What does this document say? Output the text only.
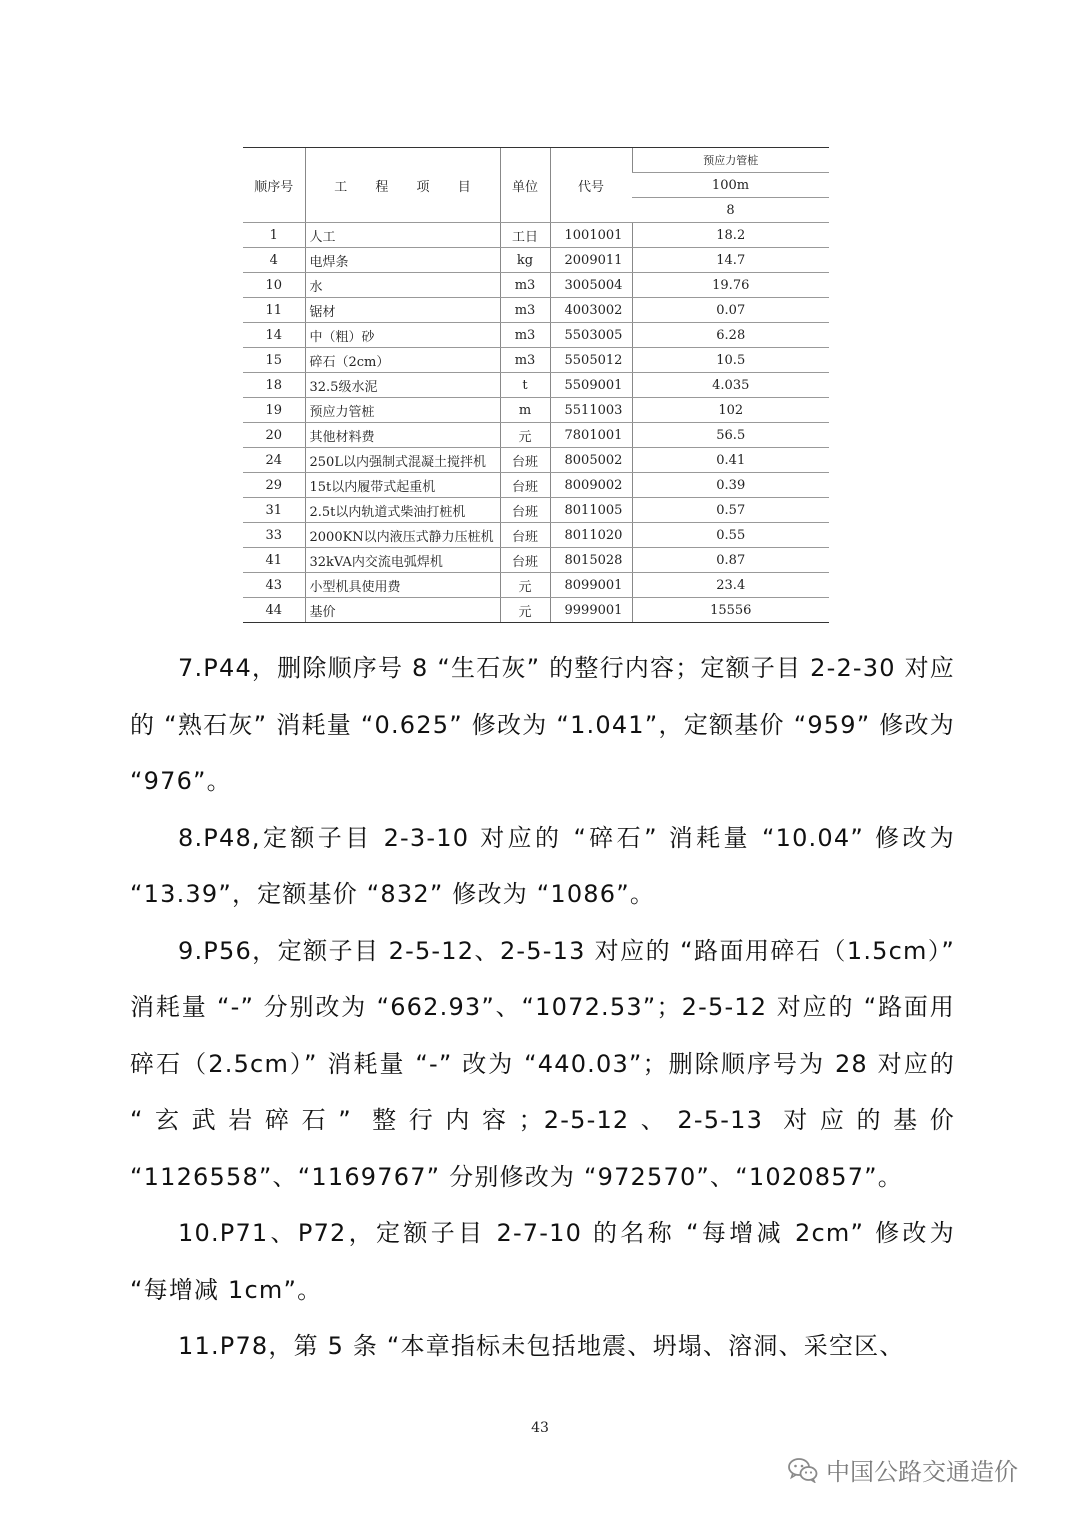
顺序号	工 程 项 目	单位	代号	预应力管桩
				100m
				8
1	人工	工日	1001001	18.2
4	电焊条	kg	2009011	14.7
10	水	m3	3005004	19.76
11	锯材	m3	4003002	0.07
14	中（粗）砂	m3	5503005	6.28
15	碎石（2cm）	m3	5505012	10.5
18	32.5级水泥	t	5509001	4.035
19	预应力管桩	m	5511003	102
20	其他材料费	元	7801001	56.5
24	250L以内强制式混凝土搅拌机	台班	8005002	0.41
29	15t以内履带式起重机	台班	8009002	0.39
31	2.5t以内轨道式柴油打桩机	台班	8011005	0.57
33	2000KN以内液压式静力压桩机	台班	8011020	0.55
41	32kVA内交流电弧焊机	台班	8015028	0.87
43	小型机具使用费	元	8099001	23.4
44	基价	元	9999001	15556

7.P44，删除顺序号 8 “生石灰” 的整行内容；定额子目 2-2-30 对应的 “熟石灰” 消耗量 “0.625” 修改为 “1.041”，定额基价 “959” 修改为 “976”。

8.P48,定额子目 2-3-10 对应的 “碎石” 消耗量 “10.04” 修改为 “13.39”，定额基价 “832” 修改为 “1086”。

9.P56，定额子目 2-5-12、2-5-13 对应的 “路面用碎石（1.5cm）” 消耗量 “-” 分别改为 “662.93”、“1072.53”；2-5-12 对应的 “路面用碎石（2.5cm）” 消耗量 “-” 改为 “440.03”；删除顺序号为 28 对应的 “玄武岩碎石” 整行内容；2-5-12、2-5-13 对应的基价 “1126558”、“1169767” 分别修改为 “972570”、“1020857”。

10.P71、P72，定额子目 2-7-10 的名称 “每增减 2cm” 修改为 “每增减 1cm”。

11.P78，第 5 条 “本章指标未包括地震、坍塌、溶洞、采空区、

43
中国公路交通造价
